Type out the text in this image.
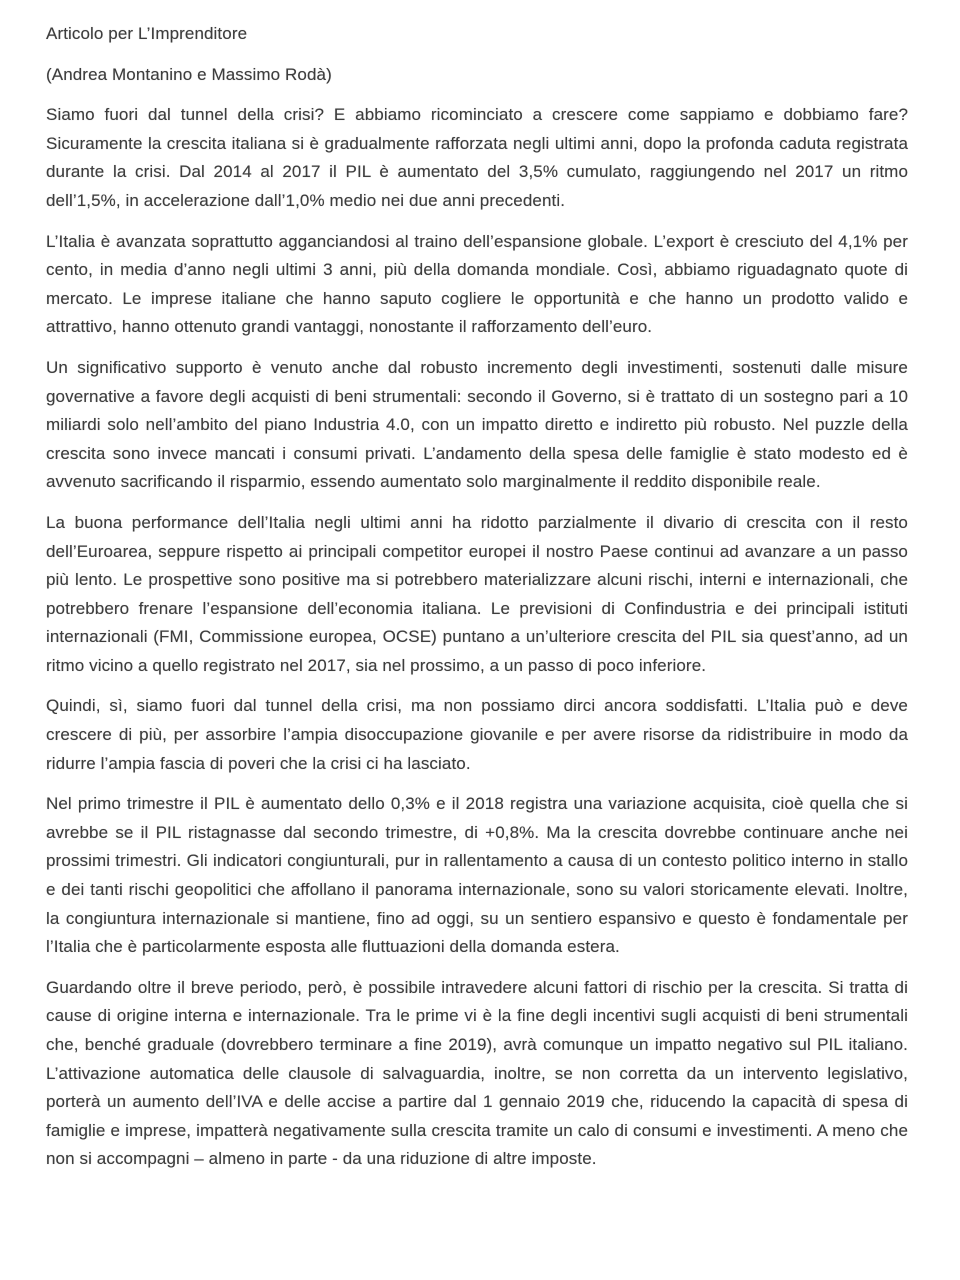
Articolo per L’Imprenditore

(Andrea Montanino e Massimo Rodà)

Siamo fuori dal tunnel della crisi? E abbiamo ricominciato a crescere come sappiamo e dobbiamo fare? Sicuramente la crescita italiana si è gradualmente rafforzata negli ultimi anni, dopo la profonda caduta registrata durante la crisi. Dal 2014 al 2017 il PIL è aumentato del 3,5% cumulato, raggiungendo nel 2017 un ritmo dell’1,5%, in accelerazione dall’1,0% medio nei due anni precedenti.

L’Italia è avanzata soprattutto agganciandosi al traino dell’espansione globale. L’export è cresciuto del 4,1% per cento, in media d’anno negli ultimi 3 anni, più della domanda mondiale. Così, abbiamo riguadagnato quote di mercato. Le imprese italiane che hanno saputo cogliere le opportunità e che hanno un prodotto valido e attrattivo, hanno ottenuto grandi vantaggi, nonostante il rafforzamento dell’euro.

Un significativo supporto è venuto anche dal robusto incremento degli investimenti, sostenuti dalle misure governative a favore degli acquisti di beni strumentali: secondo il Governo, si è trattato di un sostegno pari a 10 miliardi solo nell’ambito del piano Industria 4.0, con un impatto diretto e indiretto più robusto. Nel puzzle della crescita sono invece mancati i consumi privati. L’andamento della spesa delle famiglie è stato modesto ed è avvenuto sacrificando il risparmio, essendo aumentato solo marginalmente il reddito disponibile reale.

La buona performance dell’Italia negli ultimi anni ha ridotto parzialmente il divario di crescita con il resto dell’Euroarea, seppure rispetto ai principali competitor europei il nostro Paese continui ad avanzare a un passo più lento. Le prospettive sono positive ma si potrebbero materializzare alcuni rischi, interni e internazionali, che potrebbero frenare l’espansione dell’economia italiana. Le previsioni di Confindustria e dei principali istituti internazionali (FMI, Commissione europea, OCSE) puntano a un’ulteriore crescita del PIL sia quest’anno, ad un ritmo vicino a quello registrato nel 2017, sia nel prossimo, a un passo di poco inferiore.

Quindi, sì, siamo fuori dal tunnel della crisi, ma non possiamo dirci ancora soddisfatti. L’Italia può e deve crescere di più, per assorbire l’ampia disoccupazione giovanile e per avere risorse da ridistribuire in modo da ridurre l’ampia fascia di poveri che la crisi ci ha lasciato.

Nel primo trimestre il PIL è aumentato dello 0,3% e il 2018 registra una variazione acquisita, cioè quella che si avrebbe se il PIL ristagnasse dal secondo trimestre, di +0,8%. Ma la crescita dovrebbe continuare anche nei prossimi trimestri. Gli indicatori congiunturali, pur in rallentamento a causa di un contesto politico interno in stallo e dei tanti rischi geopolitici che affollano il panorama internazionale, sono su valori storicamente elevati. Inoltre, la congiuntura internazionale si mantiene, fino ad oggi, su un sentiero espansivo e questo è fondamentale per l’Italia che è particolarmente esposta alle fluttuazioni della domanda estera.

Guardando oltre il breve periodo, però, è possibile intravedere alcuni fattori di rischio per la crescita. Si tratta di cause di origine interna e internazionale. Tra le prime vi è la fine degli incentivi sugli acquisti di beni strumentali che, benché graduale (dovrebbero terminare a fine 2019), avrà comunque un impatto negativo sul PIL italiano. L’attivazione automatica delle clausole di salvaguardia, inoltre, se non corretta da un intervento legislativo, porterà un aumento dell’IVA e delle accise a partire dal 1 gennaio 2019 che, riducendo la capacità di spesa di famiglie e imprese, impatterà negativamente sulla crescita tramite un calo di consumi e investimenti. A meno che non si accompagni – almeno in parte - da una riduzione di altre imposte.
